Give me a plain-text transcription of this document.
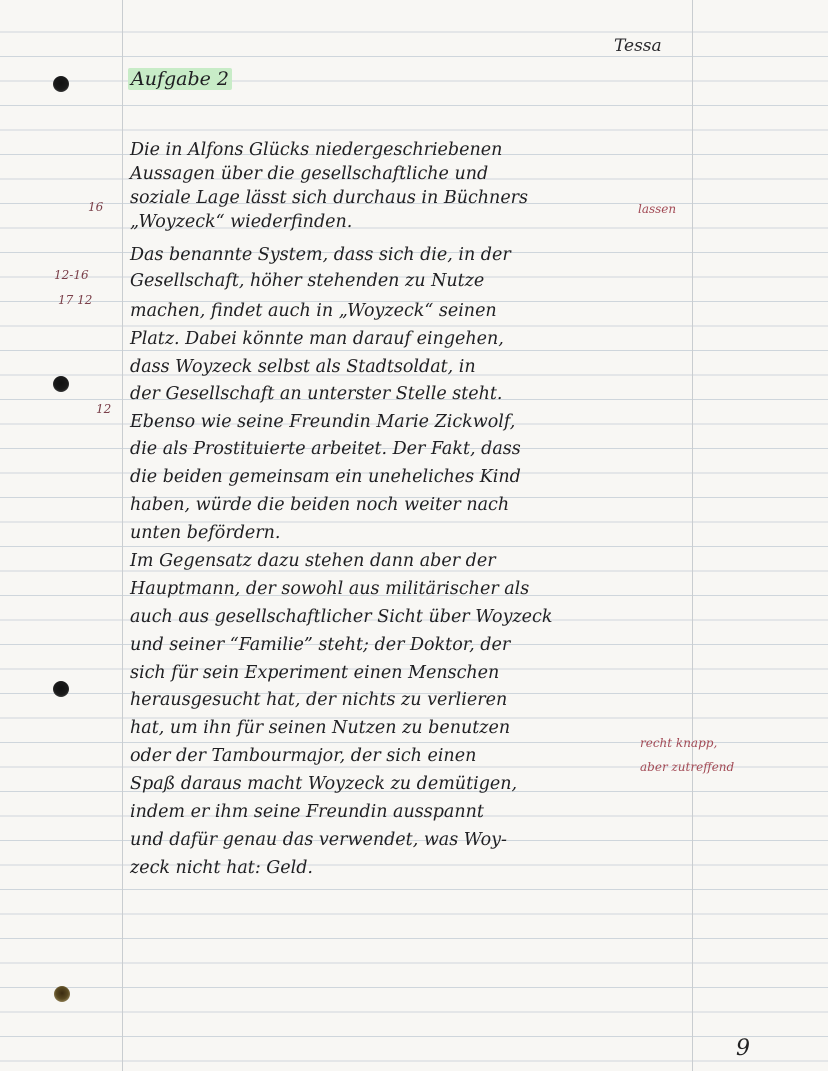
Tessa

Aufgabe 2

16

12-16

17 12

12

Die in Alfons Glücks niedergeschriebenen

Aussagen über die gesellschaftliche und

soziale Lage lässt sich durchaus in Büchners

„Woyzeck“ wiederfinden.

Das benannte System, dass sich die, in der

Gesellschaft, höher stehenden zu Nutze

machen, findet auch in „Woyzeck“ seinen

Platz. Dabei könnte man darauf eingehen,

dass Woyzeck selbst als Stadtsoldat, in

der Gesellschaft an unterster Stelle steht.

Ebenso wie seine Freundin Marie Zickwolf,

die als Prostituierte arbeitet. Der Fakt, dass

die beiden gemeinsam ein uneheliches Kind

haben, würde die beiden noch weiter nach

unten befördern.

Im Gegensatz dazu stehen dann aber der

Hauptmann, der sowohl aus militärischer als

auch aus gesellschaftlicher Sicht über Woyzeck

und seiner “Familie” steht; der Doktor, der

sich für sein Experiment einen Menschen

herausgesucht hat, der nichts zu verlieren

hat, um ihn für seinen Nutzen zu benutzen

oder der Tambourmajor, der sich einen

Spaß daraus macht Woyzeck zu demütigen,

indem er ihm seine Freundin ausspannt

und dafür genau das verwendet, was Woy-

zeck nicht hat: Geld.

lassen

recht knapp,

aber zutreffend

9
